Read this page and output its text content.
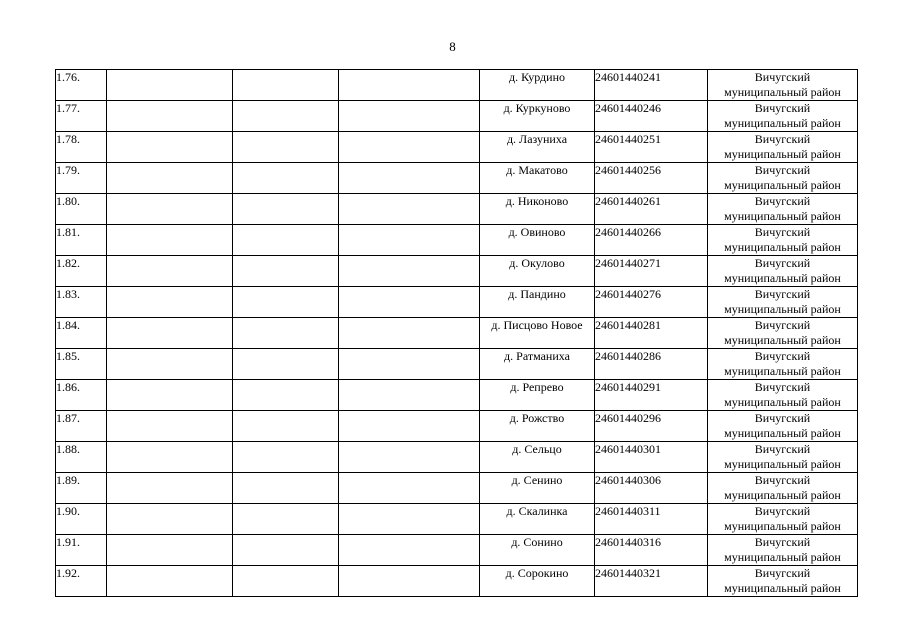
8
1.76.				д. Курдино	24601440241	Вичугский
муниципальный район

1.77.				д. Куркуново	24601440246	Вичугский
муниципальный район

1.78.				д. Лазуниха	24601440251	Вичугский
муниципальный район

1.79.				д. Макатово	24601440256	Вичугский
муниципальный район

1.80.				д. Никоново	24601440261	Вичугский
муниципальный район

1.81.				д. Овиново	24601440266	Вичугский
муниципальный район

1.82.				д. Окулово	24601440271	Вичугский
муниципальный район

1.83.				д. Пандино	24601440276	Вичугский
муниципальный район

1.84.				д. Писцово Новое	24601440281	Вичугский
муниципальный район

1.85.				д. Ратманиха	24601440286	Вичугский
муниципальный район

1.86.				д. Репрево	24601440291	Вичугский
муниципальный район

1.87.				д. Рожство	24601440296	Вичугский
муниципальный район

1.88.				д. Сельцо	24601440301	Вичугский
муниципальный район

1.89.				д. Сенино	24601440306	Вичугский
муниципальный район

1.90.				д. Скалинка	24601440311	Вичугский
муниципальный район

1.91.				д. Сонино	24601440316	Вичугский
муниципальный район

1.92.				д. Сорокино	24601440321	Вичугский
муниципальный район
